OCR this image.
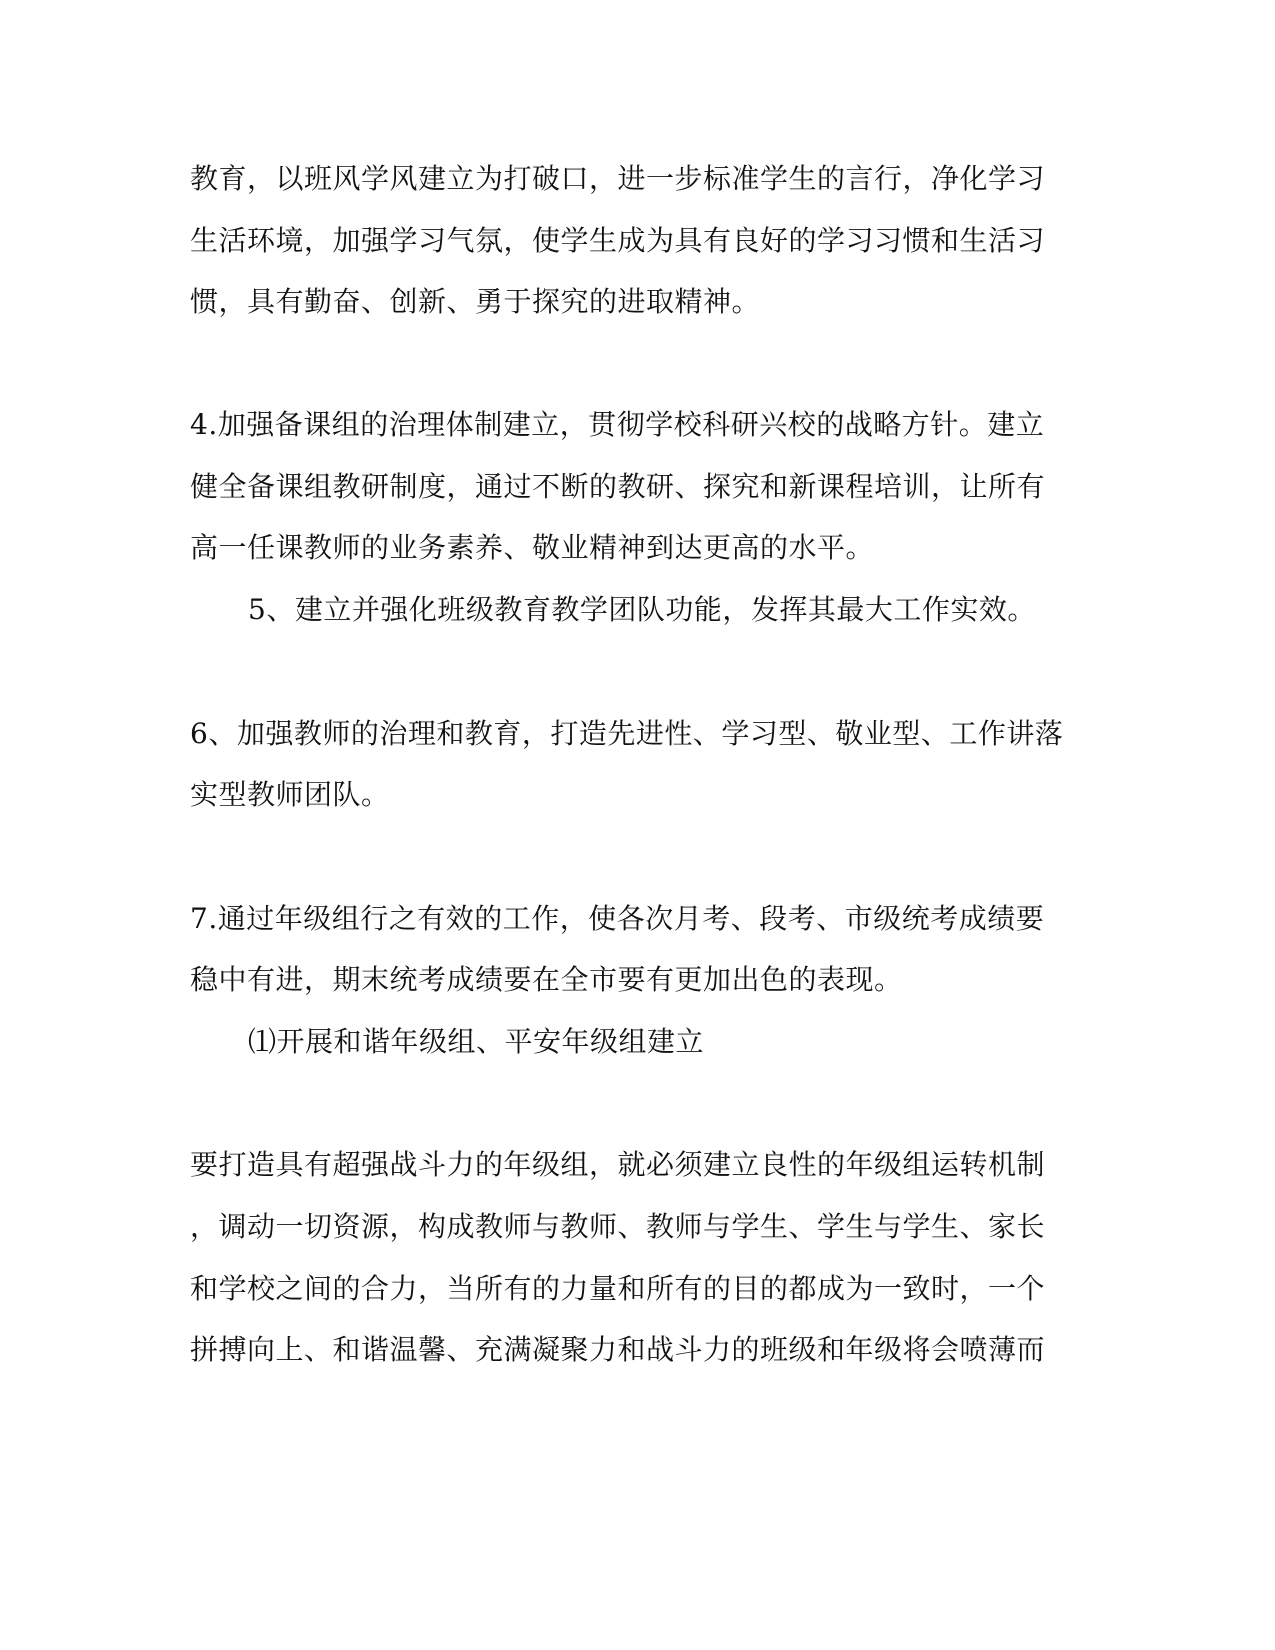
教育，以班风学风建立为打破口，进一步标准学生的言行，净化学习
生活环境，加强学习气氛，使学生成为具有良好的学习习惯和生活习
惯，具有勤奋、创新、勇于探究的进取精神。
4.加强备课组的治理体制建立，贯彻学校科研兴校的战略方针。建立
健全备课组教研制度，通过不断的教研、探究和新课程培训，让所有
高一任课教师的业务素养、敬业精神到达更高的水平。
5、建立并强化班级教育教学团队功能，发挥其最大工作实效。
6、加强教师的治理和教育，打造先进性、学习型、敬业型、工作讲落
实型教师团队。
7.通过年级组行之有效的工作，使各次月考、段考、市级统考成绩要
稳中有进，期末统考成绩要在全市要有更加出色的表现。
⑴开展和谐年级组、平安年级组建立
要打造具有超强战斗力的年级组，就必须建立良性的年级组运转机制
，调动一切资源，构成教师与教师、教师与学生、学生与学生、家长
和学校之间的合力，当所有的力量和所有的目的都成为一致时，一个
拼搏向上、和谐温馨、充满凝聚力和战斗力的班级和年级将会喷薄而
